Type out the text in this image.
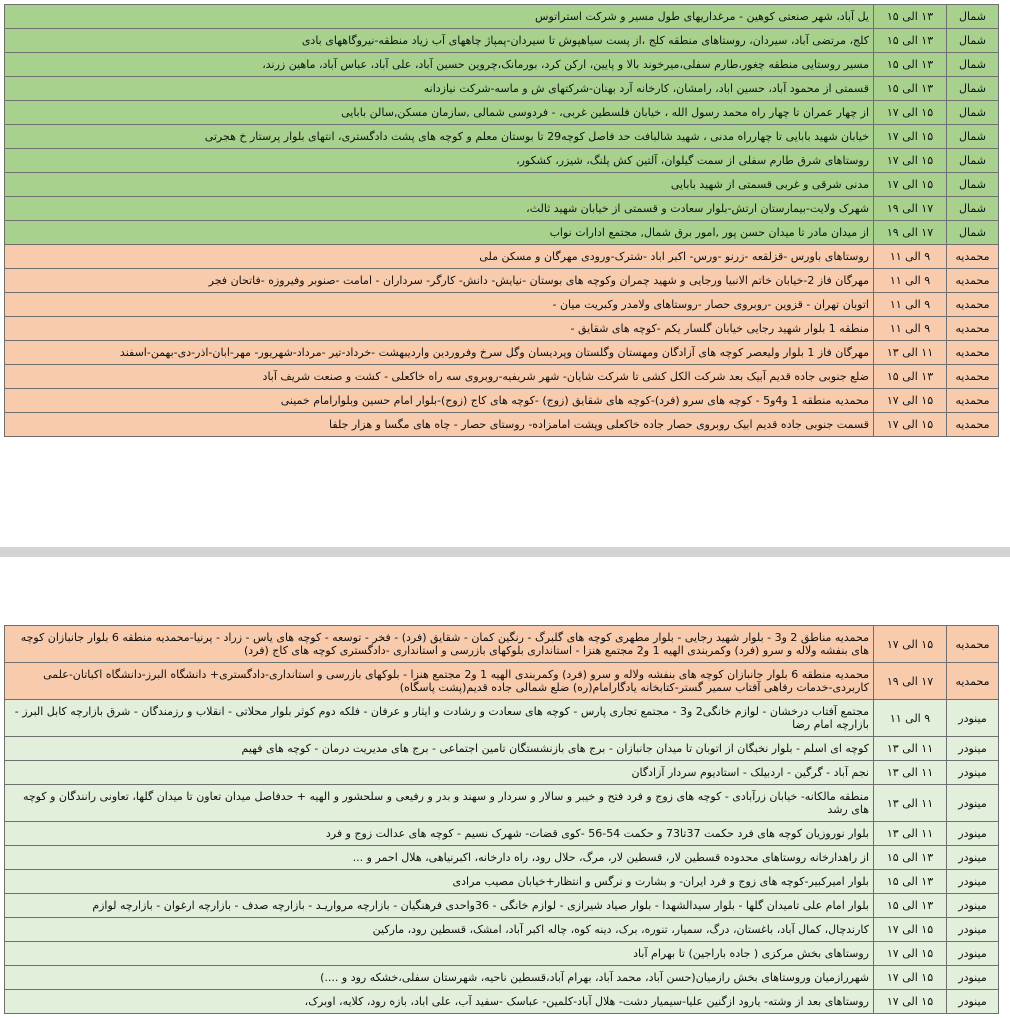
شمال	۱۳ الی ۱۵	یل آباد، شهر صنعتی کوهین - مرغداریهای طول مسیر و شرکت استراتوس
شمال	۱۳ الی ۱۵	کلج، مرتضی آباد، سیردان، روستاهای منطقه کلج ،از پست سیاهپوش تا سیردان-پمپاژ چاههای آب زیاد منطقه-نیروگاههای بادی
شمال	۱۳ الی ۱۵	مسیر روستایی منطقه چغور،طارم سفلی،میرخوند بالا و پایین، ارکن کرد، بورمانک،چروین حسین آباد، علی آباد، عباس آباد، ماهین زرند،
شمال	۱۳ الی ۱۵	قسمتی از محمود آباد، حسین اباد، رامشان، کارخانه آرد بهنان-شرکتهای ش و ماسه-شرکت نیازدانه
شمال	۱۵ الی ۱۷	از چهار عمران تا چهار راه محمد رسول الله ، خیابان فلسطین غربی، - فردوسی شمالی ,سازمان مسکن,سالن بابایی
شمال	۱۵ الی ۱۷	خیابان شهید بابایی تا چهارراه مدنی ، شهید شالبافت حد فاصل کوچه29 تا بوستان معلم و کوچه های پشت دادگستری، انتهای بلوار پرستار خ هجرتی
شمال	۱۵ الی ۱۷	روستاهای شرق طارم سفلی از سمت گیلوان، آلتین کش پلنگ، شیزر، کشکور،
شمال	۱۵ الی ۱۷	مدنی شرقی و غربی قسمتی از شهید بابایی
شمال	۱۷ الی ۱۹	شهرک ولایت-بیمارستان ارتش-بلوار سعادت و قسمتی از خیابان شهید ثالث،
شمال	۱۷ الی ۱۹	از میدان مادر تا میدان حسن پور ,امور برق شمال, مجتمع ادارات نواب
محمدیه	۹ الی ۱۱	روستاهای باورس -قزلقعه -زرنو -ورس- اکبر اباد -شترک-ورودی مهرگان و مسکن ملی
محمدیه	۹ الی ۱۱	مهرگان فاز 2-خیابان خاتم الانبیا ورجایی و شهید چمران وکوچه های بوستان -نیایش- دانش- کارگر- سرداران - امامت -صنوبر وفیروزه -فاتحان فجر
محمدیه	۹ الی ۱۱	اتوبان تهران - قزوین -روبروی حصار -روستاهای ولامدر وکبریت میان -
محمدیه	۹ الی ۱۱	منطقه 1 بلوار شهید رجایی خیابان گلسار یکم -کوچه های شقایق -
محمدیه	۱۱ الی ۱۳	مهرگان فاز 1 بلوار ولیعصر کوچه های آزادگان ومهستان وگلستان وپردیسان وگل سرخ وفروردین واردیبهشت -خرداد-تیر -مرداد-شهریور- مهر-ابان-اذر-دی-بهمن-اسفند
محمدیه	۱۳ الی ۱۵	ضلع جنوبی جاده قدیم آبیک بعد شرکت الکل کشی تا شرکت شایان- شهر شریفیه-روبروی سه راه خاکعلی - کشت و صنعت شریف آباد
محمدیه	۱۵ الی ۱۷	محمدیه منطقه 1 و4و5 - کوچه های سرو (فرد)-کوچه های شقایق (زوج) -کوچه های کاج (زوج)-بلوار امام حسین وبلوارامام خمینی
محمدیه	۱۵ الی ۱۷	قسمت جنوبی جاده قدیم ابیک روبروی حصار جاده خاکعلی وپشت امامزاده- روستای حصار - چاه های مگسا و هزار جلفا
محمدیه	۱۵ الی ۱۷	محمدیه مناطق 2 و3 - بلوار شهید رجایی - بلوار مطهری کوچه های گلبرگ - رنگین کمان - شقایق (فرد) - فخر - توسعه - کوچه های یاس - زراد - پرنیا-محمدیه منطقه 6 بلوار جانبازان کوچه های بنفشه ولاله و سرو (فرد) وکمربندی الهیه 1 و2 مجتمع هنزا - استانداری بلوکهای بازرسی و استانداری -دادگستری کوچه های کاج (فرد)
محمدیه	۱۷ الی ۱۹	محمدیه منطقه 6 بلوار جانبازان کوچه های بنفشه ولاله و سرو (فرد) وکمربندی الهیه 1 و2 مجتمع هنزا - بلوکهای بازرسی و استانداری-دادگستری+ دانشگاه البرز-دانشگاه اکباتان-علمی کاربردی-خدمات رفاهی آفتاب سمیر گستر-کتابخانه یادگارامام(ره) ضلع شمالی جاده قدیم(پشت پاسگاه)
مینودر	۹ الی ۱۱	مجتمع آفتاب درخشان - لوازم خانگی2 و3 - مجتمع تجاری پارس - کوچه های سعادت و رشادت و ایثار و عرفان - فلکه دوم کوثر بلوار محلاتی - انقلاب و رزمندگان - شرق بازارچه کابل البرز - بازارچه امام رضا
مینودر	۱۱ الی ۱۳	کوچه ای اسلم - بلوار نخبگان از اتوبان تا میدان جانبازان - برج های بازنشستگان تامین اجتماعی - برج های مدیریت درمان - کوچه های فهیم
مینودر	۱۱ الی ۱۳	نجم آباد - گرگین - اردبیلک - استادیوم سردار آزادگان
مینودر	۱۱ الی ۱۳	منطقه مالکانه- خیابان زرآبادی - کوچه های زوج و فرد فتح و خیبر و سالار و سردار و سهند و بدر و رفیعی و سلحشور و الهیه + حدفاصل میدان تعاون تا میدان گلها، تعاونی رانندگان و کوچه های رشد
مینودر	۱۱ الی ۱۳	بلوار نوروزیان کوچه های فرد حکمت 37تا73 و حکمت 54-56 -کوی قضات- شهرک نسیم - کوچه های عدالت زوج و فرد
مینودر	۱۳ الی ۱۵	از راهدارخانه روستاهای محدوده قسطین لار، قسطین لار، مرگ، حلال رود، راه دارخانه، اکبرنیاهی، هلال احمر و ...
مینودر	۱۳ الی ۱۵	بلوار امیرکبیر-کوچه های زوج و فرد ایران- و بشارت و نرگس و انتظار+خیابان مصیب مرادی
مینودر	۱۳ الی ۱۵	بلوار امام علی تامیدان گلها - بلوار سیدالشهدا - بلوار صیاد شیرازی - لوازم خانگی - 36واحدی فرهنگیان - بازارچه مرواریـد - بازارچه صدف - بازارچه ارغوان - بازارچه لوازم
مینودر	۱۵ الی ۱۷	کارندچال، کمال آباد، باغستان، درگ، سمیار، تنوره، برک، دینه کوه، چاله اکبر آباد، امشک، قسطین رود، مارکین
مینودر	۱۵ الی ۱۷	روستاهای بخش مرکزی ( جاده باراجین) تا بهرام آباد
مینودر	۱۵ الی ۱۷	شهررازمیان وروستاهای بخش رازمیان(حسن آباد، محمد آباد، بهرام آباد،قسطین ناحیه، شهرستان سفلی،خشکه رود و ....)
مینودر	۱۵ الی ۱۷	روستاهای بعد از وشته- یارود ازگنین علیا-سیمیار دشت- هلال آباد-کلمین- عباسک -سفید آب، علی اباد، بازه رود، کلایه، اوبرک،
